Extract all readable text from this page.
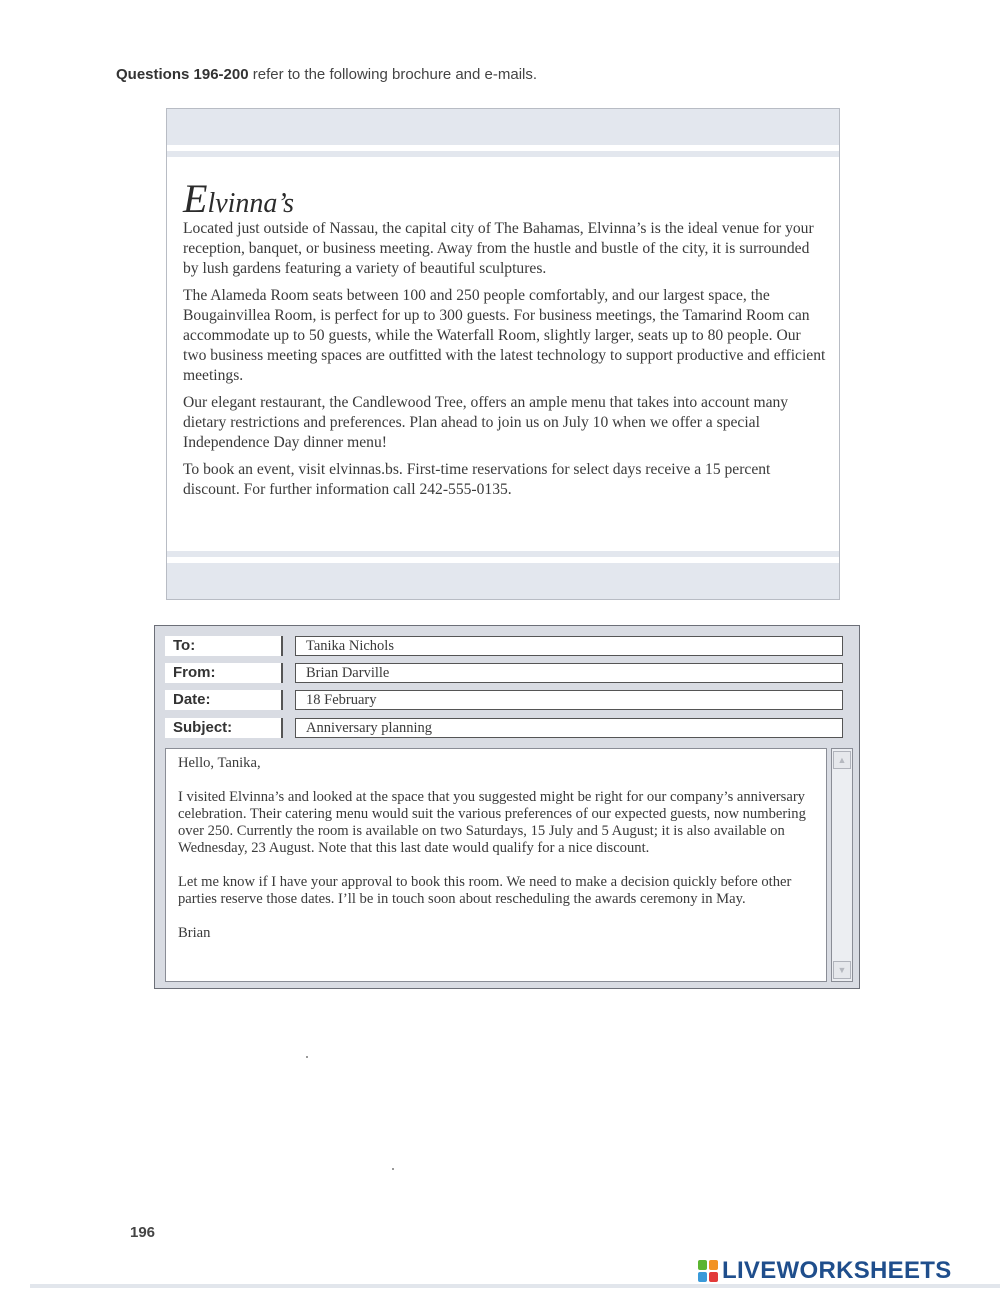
Questions 196-200 refer to the following brochure and e-mails.
Elvinna’s

Located just outside of Nassau, the capital city of The Bahamas, Elvinna’s is the ideal venue for your reception, banquet, or business meeting. Away from the hustle and bustle of the city, it is surrounded by lush gardens featuring a variety of beautiful sculptures.

The Alameda Room seats between 100 and 250 people comfortably, and our largest space, the Bougainvillea Room, is perfect for up to 300 guests. For business meetings, the Tamarind Room can accommodate up to 50 guests, while the Waterfall Room, slightly larger, seats up to 80 people. Our two business meeting spaces are outfitted with the latest technology to support productive and efficient meetings.

Our elegant restaurant, the Candlewood Tree, offers an ample menu that takes into account many dietary restrictions and preferences. Plan ahead to join us on July 10 when we offer a special Independence Day dinner menu!

To book an event, visit elvinnas.bs. First-time reservations for select days receive a 15 percent discount. For further information call 242-555-0135.

To:	Tanika Nichols
From:	Brian Darville
Date:	18 February
Subject:	Anniversary planning

Hello, Tanika,

I visited Elvinna’s and looked at the space that you suggested might be right for our company’s anniversary celebration. Their catering menu would suit the various preferences of our expected guests, now numbering over 250. Currently the room is available on two Saturdays, 15 July and 5 August; it is also available on Wednesday, 23 August. Note that this last date would qualify for a nice discount.

Let me know if I have your approval to book this room. We need to make a decision quickly before other parties reserve those dates. I’ll be in touch soon about rescheduling the awards ceremony in May.

Brian

▲
▼
196
LIVEWORKSHEETS
